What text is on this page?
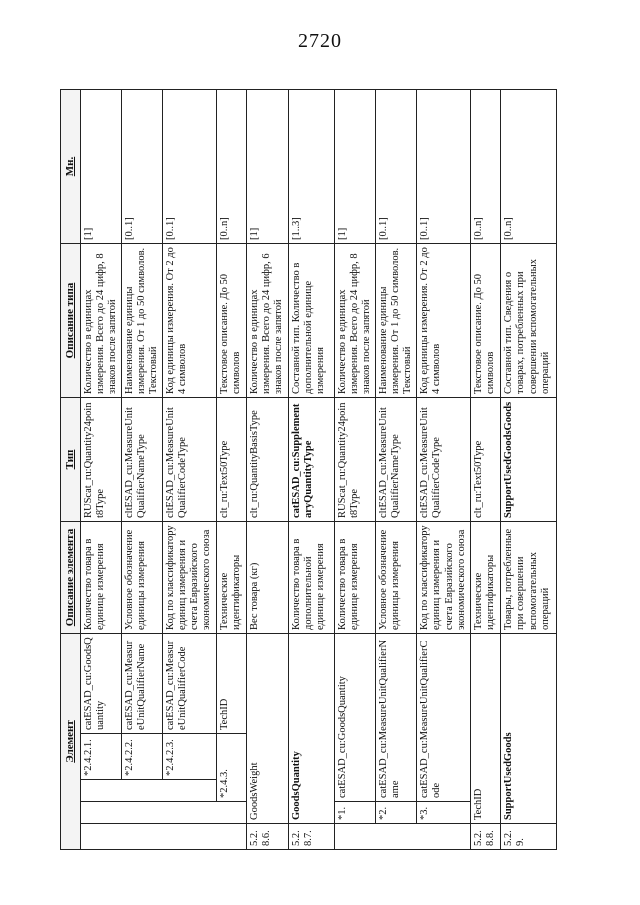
2720
Элемент					Описание элемента	Тип	Описание типа	Мн.
			*2.4.2.1.	catESAD_cu:GoodsQuantity	Количество товара в единице измерения	RUScat_ru:Quantity24point8Type	Количество в единицах измерения. Всего до 24 цифр, 8 знаков после запятой	[1]
			*2.4.2.2.	catESAD_cu:MeasureUnitQualifierName	Условное обозначение единицы измерения	cltESAD_cu:MeasureUnitQualifierNameType	Наименование единицы измерения. От 1 до 50 символов. Текстовый	[0..1]
			*2.4.2.3.	catESAD_cu:MeasureUnitQualifierCode	Код по классификатору единиц измерения и счета Евразийского экономического союза	cltESAD_cu:MeasureUnitQualifierCodeType	Код единицы измерения. От 2 до 4 символов	[0..1]
		*2.4.3.		TechID	Технические идентификаторы	clt_ru:Text50Type	Текстовое описание. До 50 символов	[0..n]
5.2.8.6.	GoodsWeight				Вес товара (кг)	clt_ru:QuantityBasisType	Количество в единицах измерения. Всего до 24 цифр, 6 знаков после запятой	[1]
5.2.8.7.	GoodsQuantity				Количество товара в дополнительной единице измерения	catESAD_cu:SupplementaryQuantityType	Составной тип. Количество в дополнительной единице измерения	[1..3]
	*1.	catESAD_cu:GoodsQuantity			Количество товара в единице измерения	RUScat_ru:Quantity24point8Type	Количество в единицах измерения. Всего до 24 цифр, 8 знаков после запятой	[1]
	*2.	catESAD_cu:MeasureUnitQualifierName			Условное обозначение единицы измерения	cltESAD_cu:MeasureUnitQualifierNameType	Наименование единицы измерения. От 1 до 50 символов. Текстовый	[0..1]
	*3.	catESAD_cu:MeasureUnitQualifierCode			Код по классификатору единиц измерения и счета Евразийского экономического союза	cltESAD_cu:MeasureUnitQualifierCodeType	Код единицы измерения. От 2 до 4 символов	[0..1]
5.2.8.8.	TechID				Технические идентификаторы	clt_ru:Text50Type	Текстовое описание. До 50 символов	[0..n]
5.2.9.	SupportUsedGoods				Товары, потребленные при совершении вспомогательных операций	SupportUsedGoodsGoods	Составной тип. Сведения о товарах, потребленных при совершении вспомогательных операций	[0..n]
